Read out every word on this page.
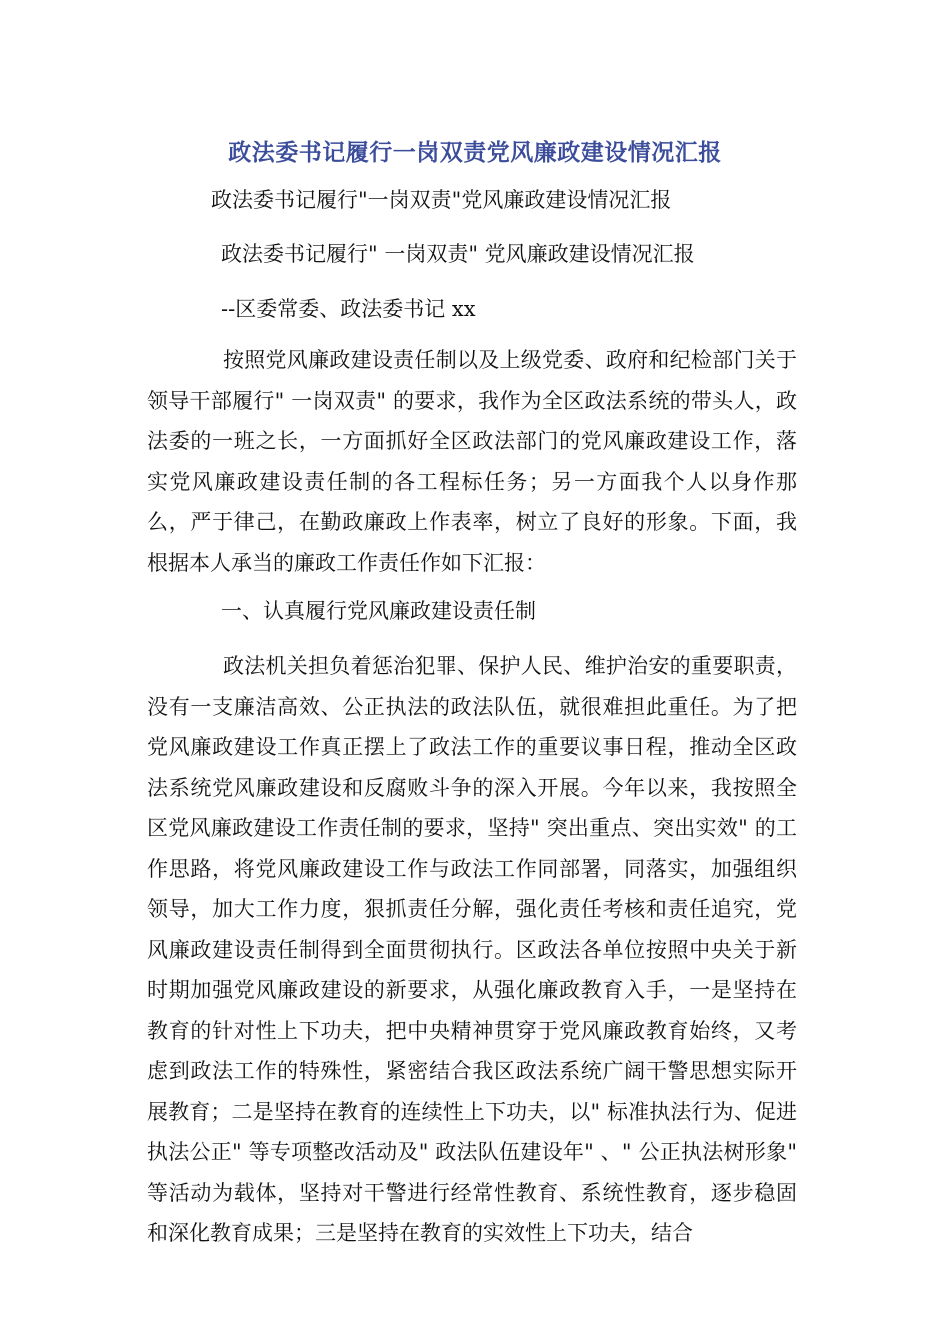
政法委书记履行一岗双责党风廉政建设情况汇报
政法委书记履行"一岗双责"党风廉政建设情况汇报
政法委书记履行" 一岗双责" 党风廉政建设情况汇报
--区委常委、政法委书记 xx
按照党风廉政建设责任制以及上级党委、政府和纪检部门关于领导干部履行" 一岗双责" 的要求，我作为全区政法系统的带头人，政法委的一班之长，一方面抓好全区政法部门的党风廉政建设工作，落实党风廉政建设责任制的各工程标任务；另一方面我个人以身作那么，严于律己，在勤政廉政上作表率，树立了良好的形象。下面，我根据本人承当的廉政工作责任作如下汇报：
一、认真履行党风廉政建设责任制
政法机关担负着惩治犯罪、保护人民、维护治安的重要职责，没有一支廉洁高效、公正执法的政法队伍，就很难担此重任。为了把党风廉政建设工作真正摆上了政法工作的重要议事日程，推动全区政法系统党风廉政建设和反腐败斗争的深入开展。今年以来，我按照全区党风廉政建设工作责任制的要求，坚持" 突出重点、突出实效" 的工作思路，将党风廉政建设工作与政法工作同部署，同落实，加强组织领导，加大工作力度，狠抓责任分解，强化责任考核和责任追究，党风廉政建设责任制得到全面贯彻执行。区政法各单位按照中央关于新时期加强党风廉政建设的新要求，从强化廉政教育入手，一是坚持在教育的针对性上下功夫，把中央精神贯穿于党风廉政教育始终，又考虑到政法工作的特殊性，紧密结合我区政法系统广阔干警思想实际开展教育；二是坚持在教育的连续性上下功夫，以" 标准执法行为、促进执法公正" 等专项整改活动及" 政法队伍建设年" 、" 公正执法树形象" 等活动为载体，坚持对干警进行经常性教育、系统性教育，逐步稳固和深化教育成果；三是坚持在教育的实效性上下功夫，结合
